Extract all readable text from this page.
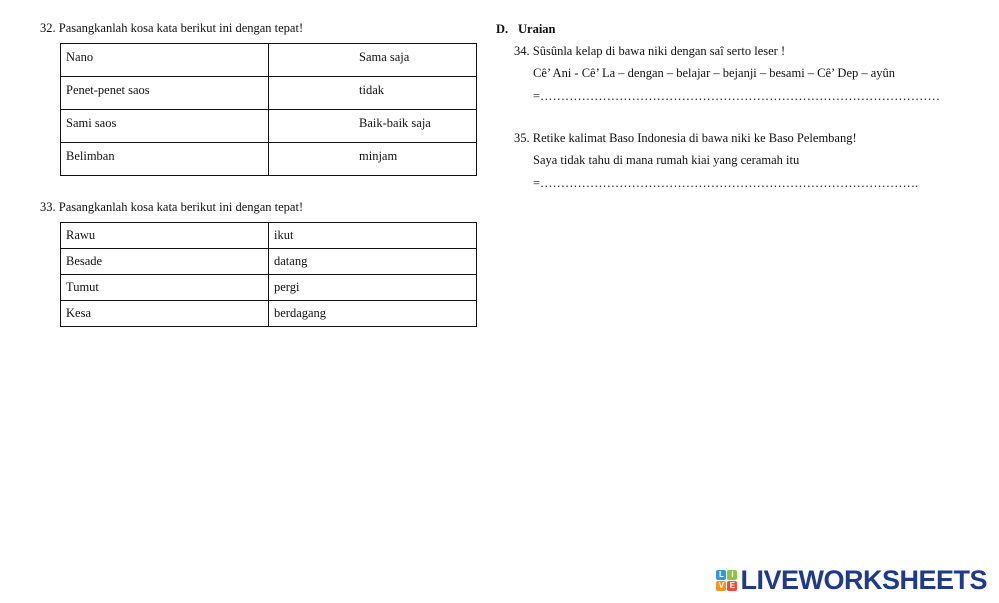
32. Pasangkanlah kosa kata berikut ini dengan tepat!
Nano	Sama saja
Penet-penet saos	tidak
Sami saos	Baik-baik saja
Belimban	minjam
33. Pasangkanlah kosa kata berikut ini dengan tepat!
Rawu	ikut
Besade	datang
Tumut	pergi
Kesa	berdagang
D. Uraian
34. Sûsûnla kelap di bawa niki dengan saî serto leser !
Cê’ Ani - Cê’ La – dengan – belajar – bejanji – besami – Cê’ Dep – ayûn
=……………………………………………………………………………………
35. Retike kalimat Baso Indonesia di bawa niki ke Baso Pelembang!
Saya tidak tahu di mana rumah kiai yang ceramah itu
=……………………………………………………………………………….
L I
V E LIVEWORKSHEETS
